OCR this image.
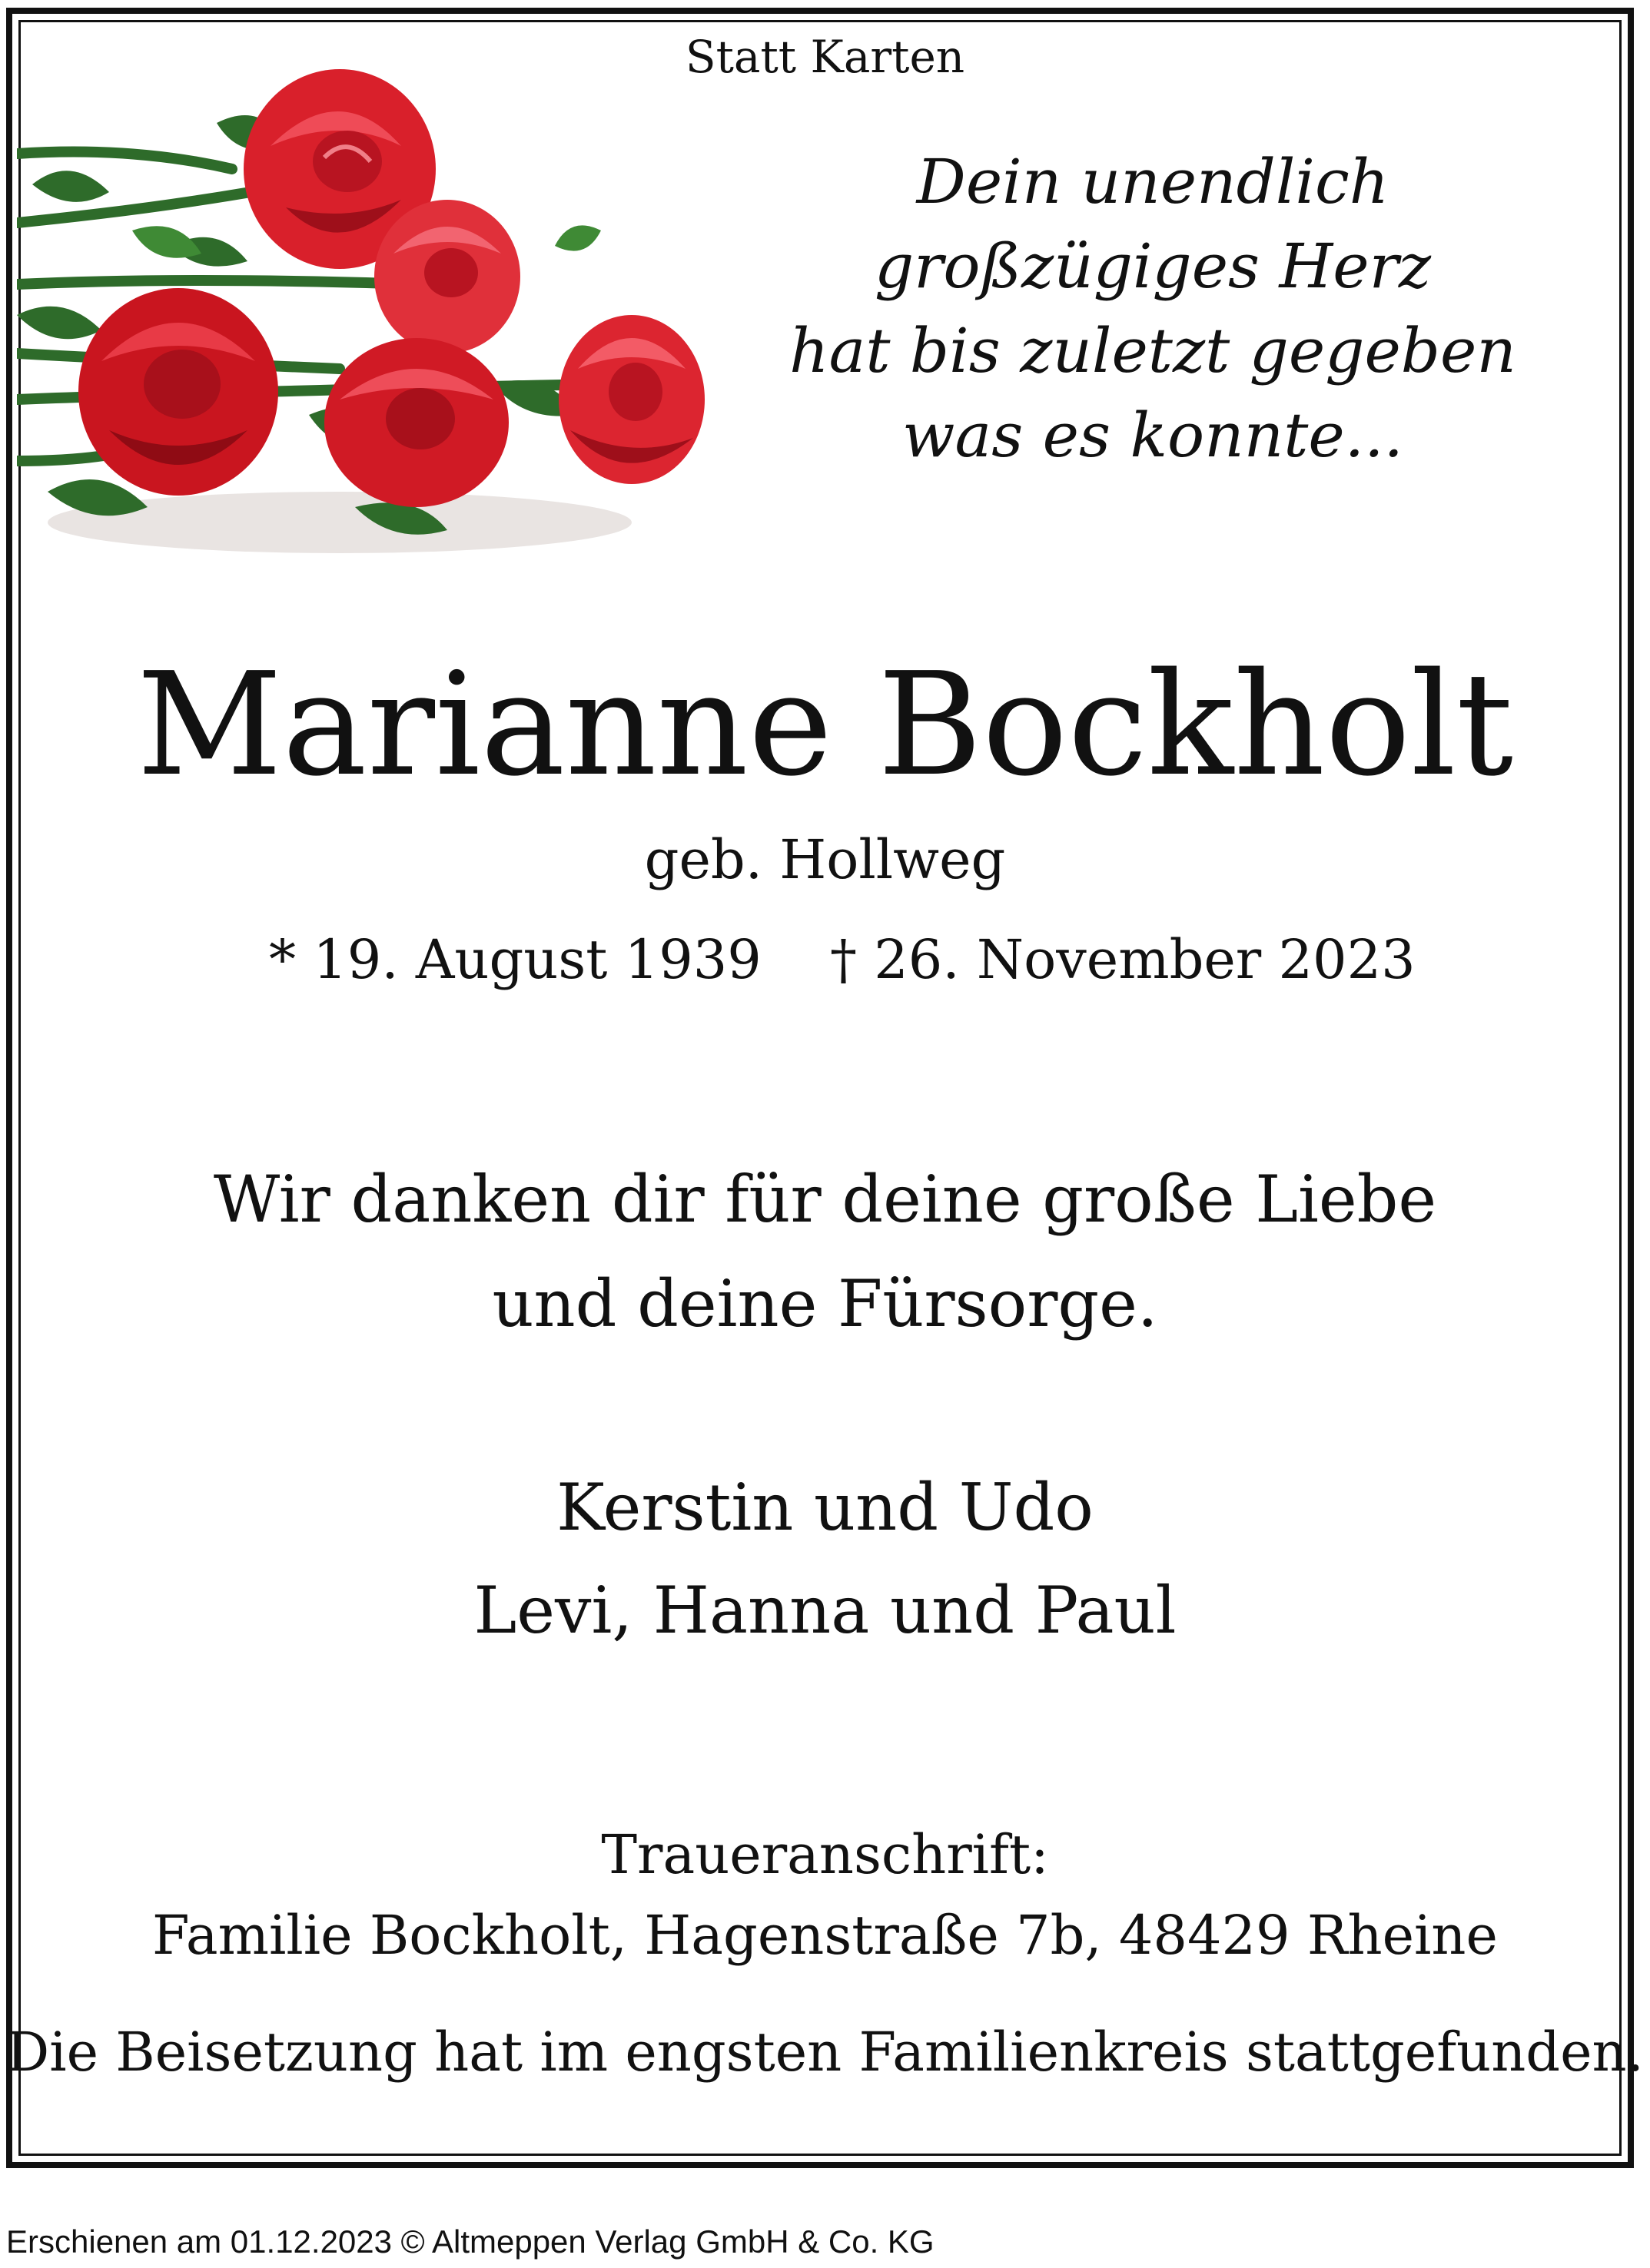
Statt Karten

Dein unendlich

großzügiges Herz

hat bis zuletzt gegeben

was es konnte...

Marianne Bockholt

geb. Hollweg

* 19. August 1939 † 26. November 2023

Wir danken dir für deine große Liebe

und deine Fürsorge.

Kerstin und Udo

Levi, Hanna und Paul

Traueranschrift:

Familie Bockholt, Hagenstraße 7b, 48429 Rheine

Die Beisetzung hat im engsten Familienkreis stattgefunden.

Erschienen am 01.12.2023 © Altmeppen Verlag GmbH & Co. KG
